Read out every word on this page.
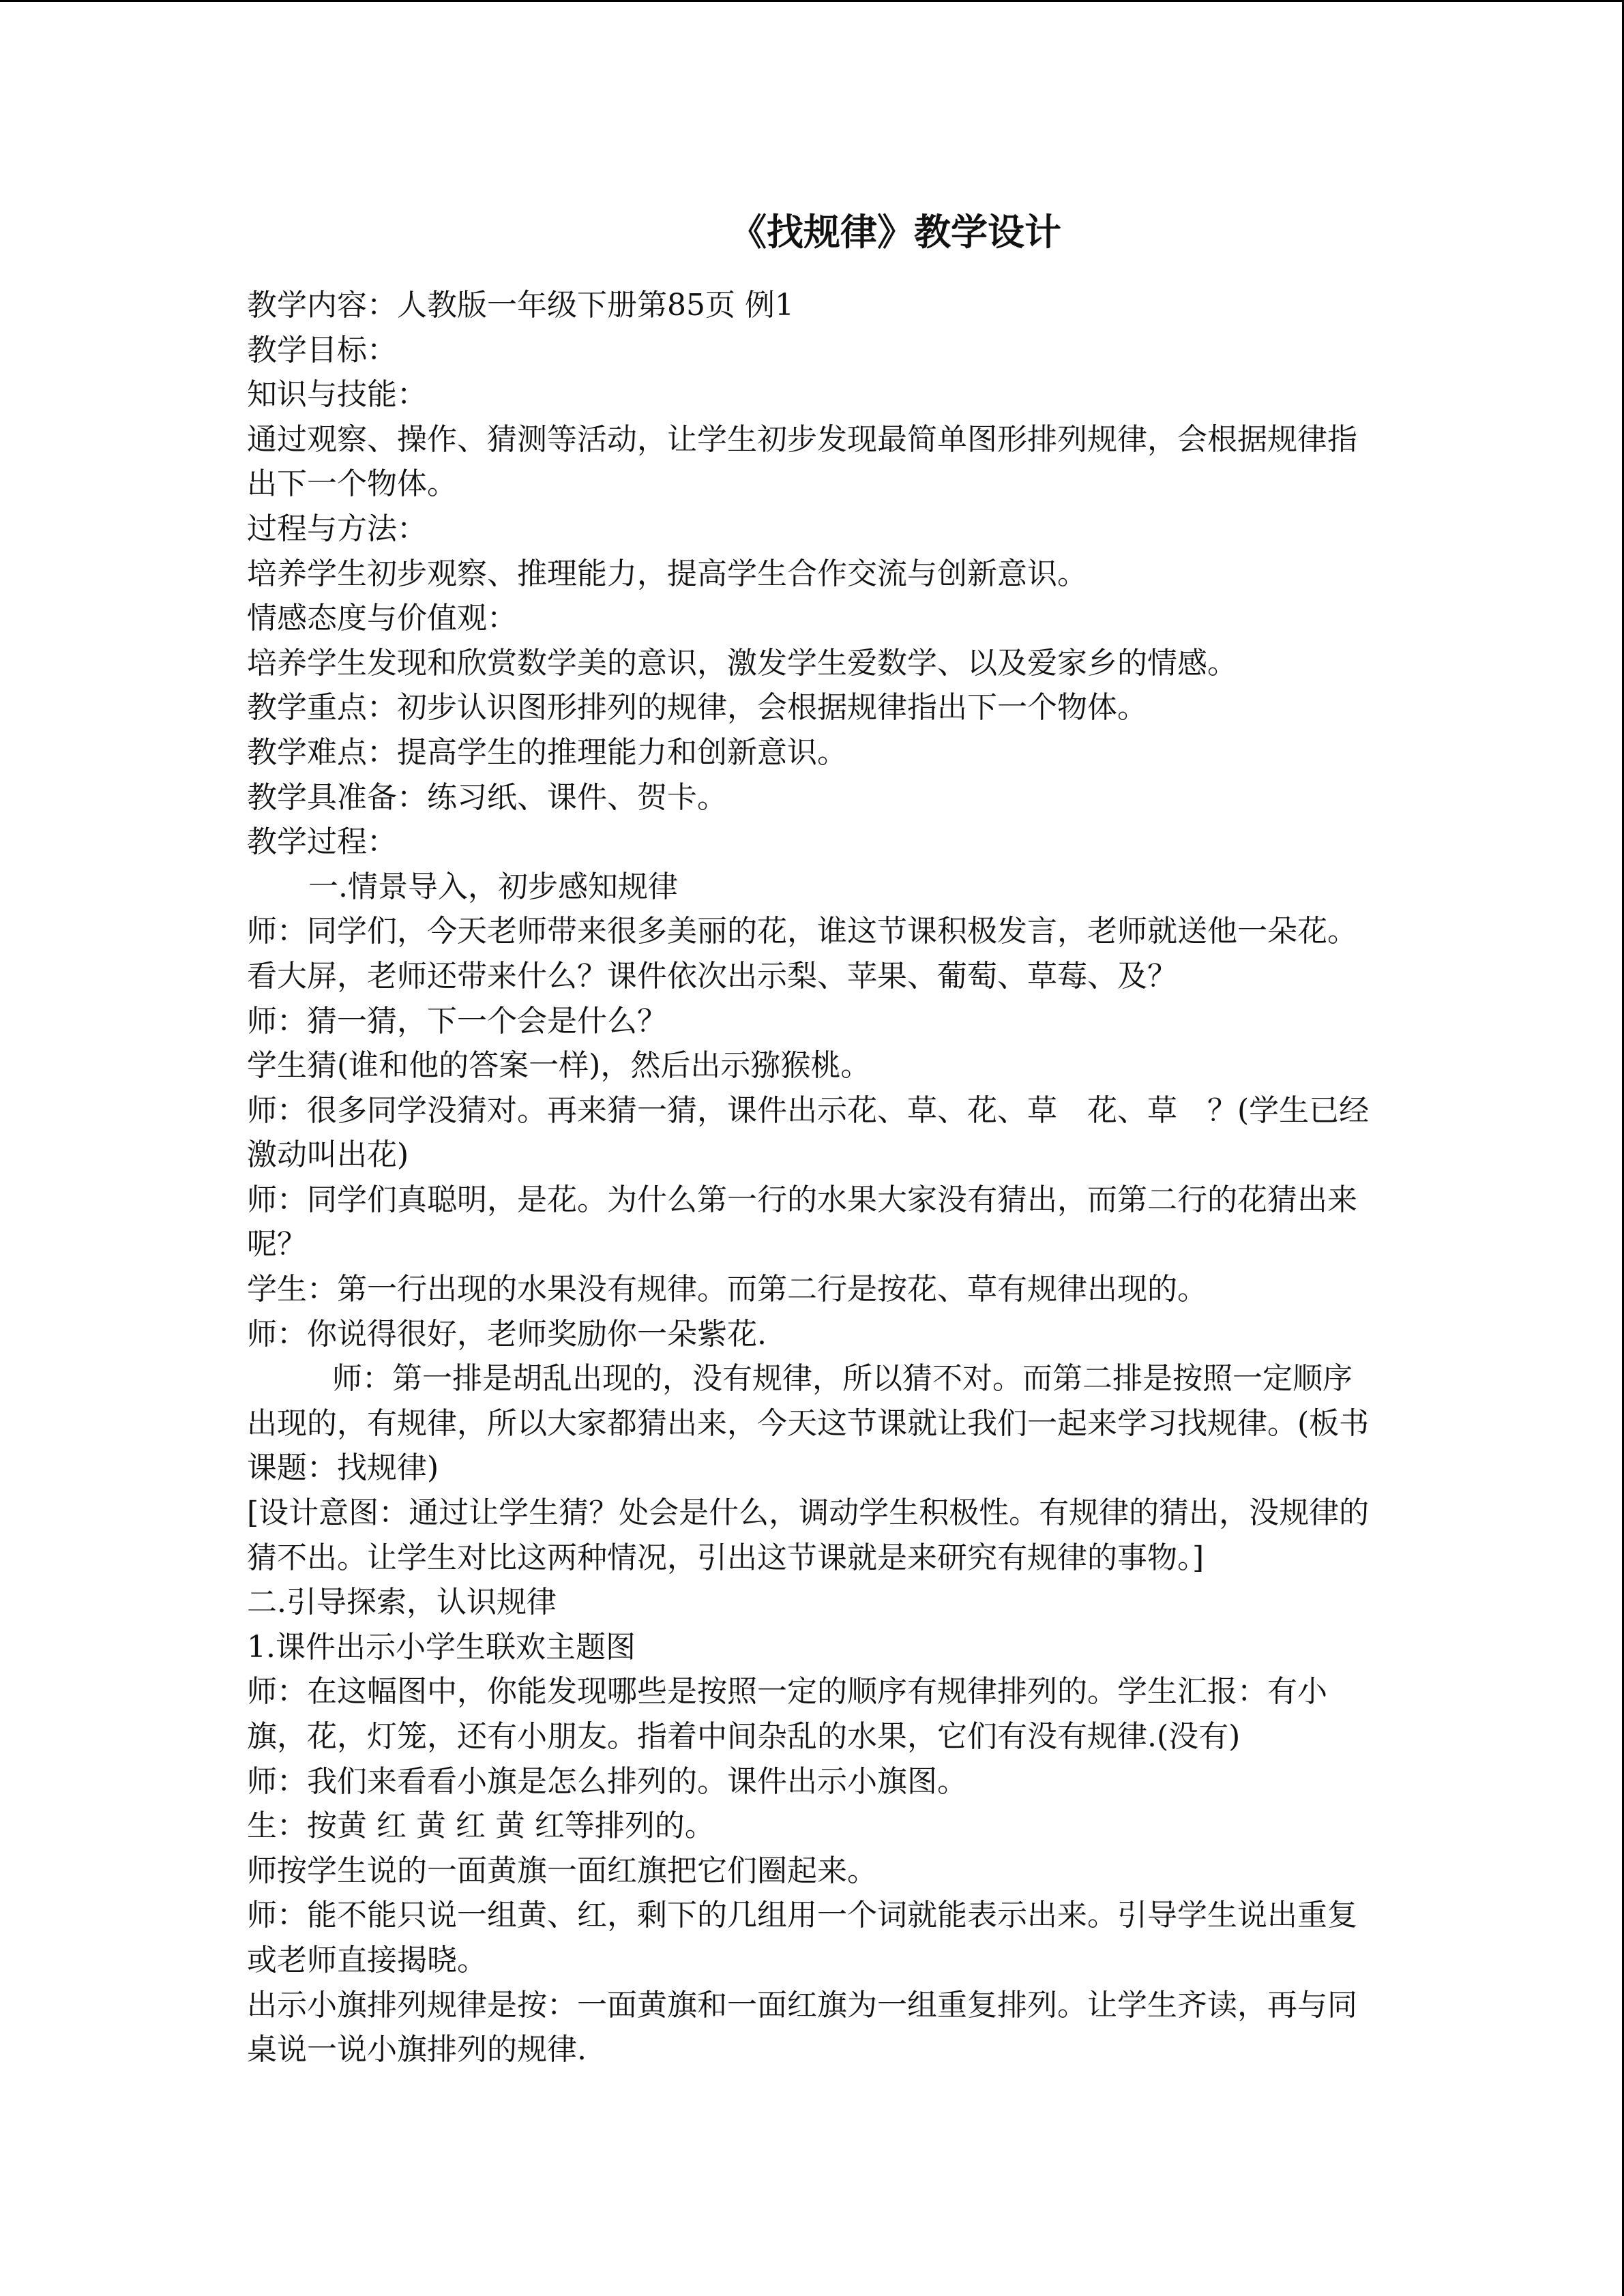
《找规律》教学设计

教学内容：人教版一年级下册第85页 例1

教学目标：

知识与技能：

通过观察、操作、猜测等活动，让学生初步发现最简单图形排列规律，会根据规律指出下一个物体。

过程与方法：

培养学生初步观察、推理能力，提高学生合作交流与创新意识。

情感态度与价值观：

培养学生发现和欣赏数学美的意识，激发学生爱数学、以及爱家乡的情感。

教学重点：初步认识图形排列的规律，会根据规律指出下一个物体。

教学难点：提高学生的推理能力和创新意识。

教学具准备：练习纸、课件、贺卡。

教学过程：

一.情景导入，初步感知规律

师：同学们，今天老师带来很多美丽的花，谁这节课积极发言，老师就送他一朵花。看大屏，老师还带来什么？课件依次出示梨、苹果、葡萄、草莓、及？

师：猜一猜，下一个会是什么？

学生猜(谁和他的答案一样)，然后出示猕猴桃。

师：很多同学没猜对。再来猜一猜，课件出示花、草、花、草　花、草　？(学生已经激动叫出花)

师：同学们真聪明，是花。为什么第一行的水果大家没有猜出，而第二行的花猜出来呢？

学生：第一行出现的水果没有规律。而第二行是按花、草有规律出现的。

师：你说得很好，老师奖励你一朵紫花.

师：第一排是胡乱出现的，没有规律，所以猜不对。而第二排是按照一定顺序出现的，有规律，所以大家都猜出来，今天这节课就让我们一起来学习找规律。(板书课题：找规律)

[设计意图：通过让学生猜？处会是什么，调动学生积极性。有规律的猜出，没规律的猜不出。让学生对比这两种情况，引出这节课就是来研究有规律的事物。]

二.引导探索，认识规律

1.课件出示小学生联欢主题图

师：在这幅图中，你能发现哪些是按照一定的顺序有规律排列的。学生汇报：有小旗，花，灯笼，还有小朋友。指着中间杂乱的水果，它们有没有规律.(没有)

师：我们来看看小旗是怎么排列的。课件出示小旗图。

生：按黄 红 黄 红 黄 红等排列的。

师按学生说的一面黄旗一面红旗把它们圈起来。

师：能不能只说一组黄、红，剩下的几组用一个词就能表示出来。引导学生说出重复或老师直接揭晓。

出示小旗排列规律是按：一面黄旗和一面红旗为一组重复排列。让学生齐读，再与同桌说一说小旗排列的规律.
